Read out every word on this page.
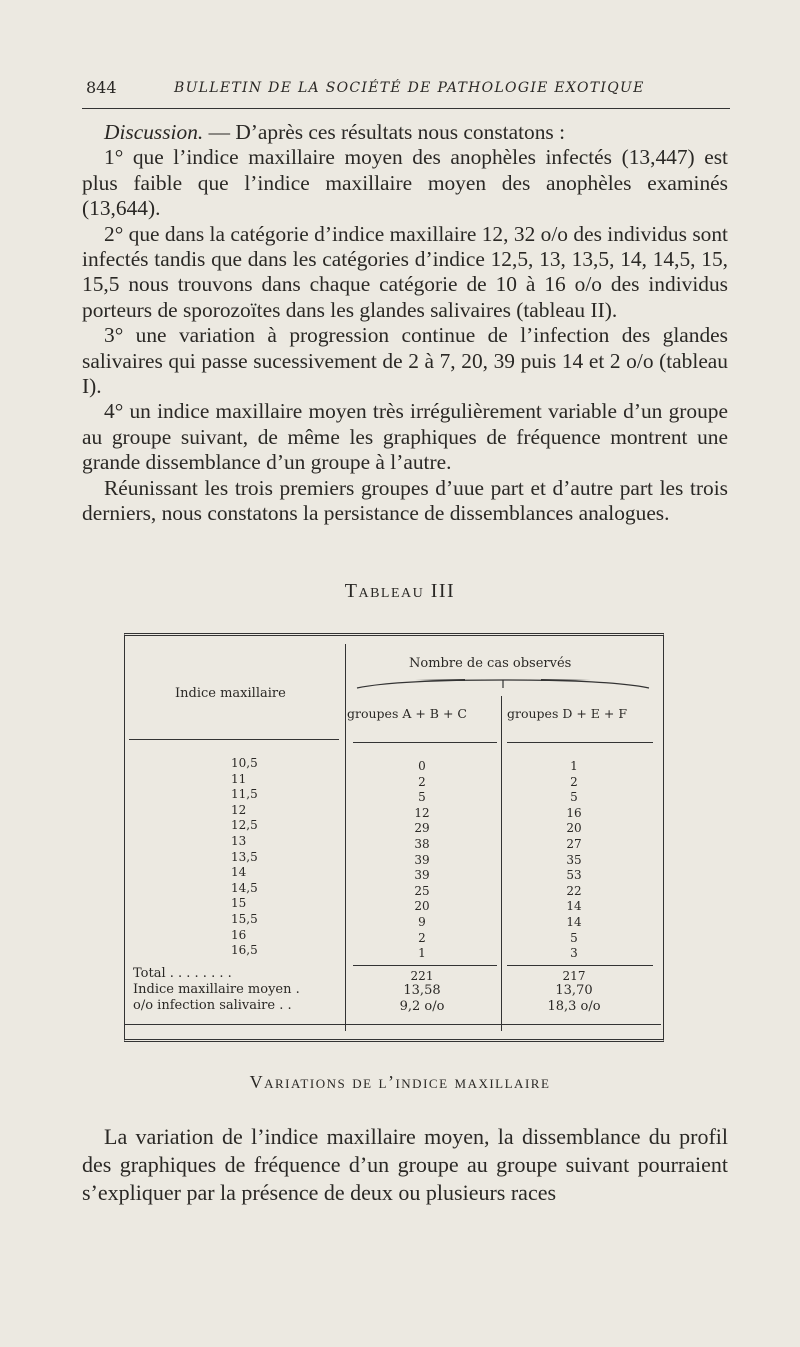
844	BULLETIN DE LA SOCIÉTÉ DE PATHOLOGIE EXOTIQUE

Discussion. — D’après ces résultats nous constatons :

1° que l’indice maxillaire moyen des anophèles infectés (13,447) est plus faible que l’indice maxillaire moyen des anophèles examinés (13,644).

2° que dans la catégorie d’indice maxillaire 12, 32 o/o des individus sont infectés tandis que dans les catégories d’indice 12,5, 13, 13,5, 14, 14,5, 15, 15,5 nous trouvons dans chaque catégorie de 10 à 16 o/o des individus porteurs de sporozoïtes dans les glandes salivaires (tableau II).

3° une variation à progression continue de l’infection des glandes salivaires qui passe sucessivement de 2 à 7, 20, 39 puis 14 et 2 o/o (tableau I).

4° un indice maxillaire moyen très irrégulièrement variable d’un groupe au groupe suivant, de même les graphiques de fréquence montrent une grande dissemblance d’un groupe à l’autre.

Réunissant les trois premiers groupes d’uue part et d’autre part les trois derniers, nous constatons la persistance de dissemblances analogues.

Tableau III
Indice maxillaire
Nombre de cas observés
groupes A + B + C	groupes D + E + F
10,5
11
11,5
12
12,5
13
13,5
14
14,5
15
15,5
16
16,5
0
2
5
12
29
38
39
39
25
20
9
2
1
1
2
5
16
20
27
35
53
22
14
14
5
3
Total . . . . . . . .
Indice maxillaire moyen .
o/o infection salivaire . .
221
13,58
9,2 o/o
217
13,70
18,3 o/o
Variations de l’indice maxillaire

La variation de l’indice maxillaire moyen, la dissemblance du profil des graphiques de fréquence d’un groupe au groupe suivant pourraient s’expliquer par la présence de deux ou plusieurs races
